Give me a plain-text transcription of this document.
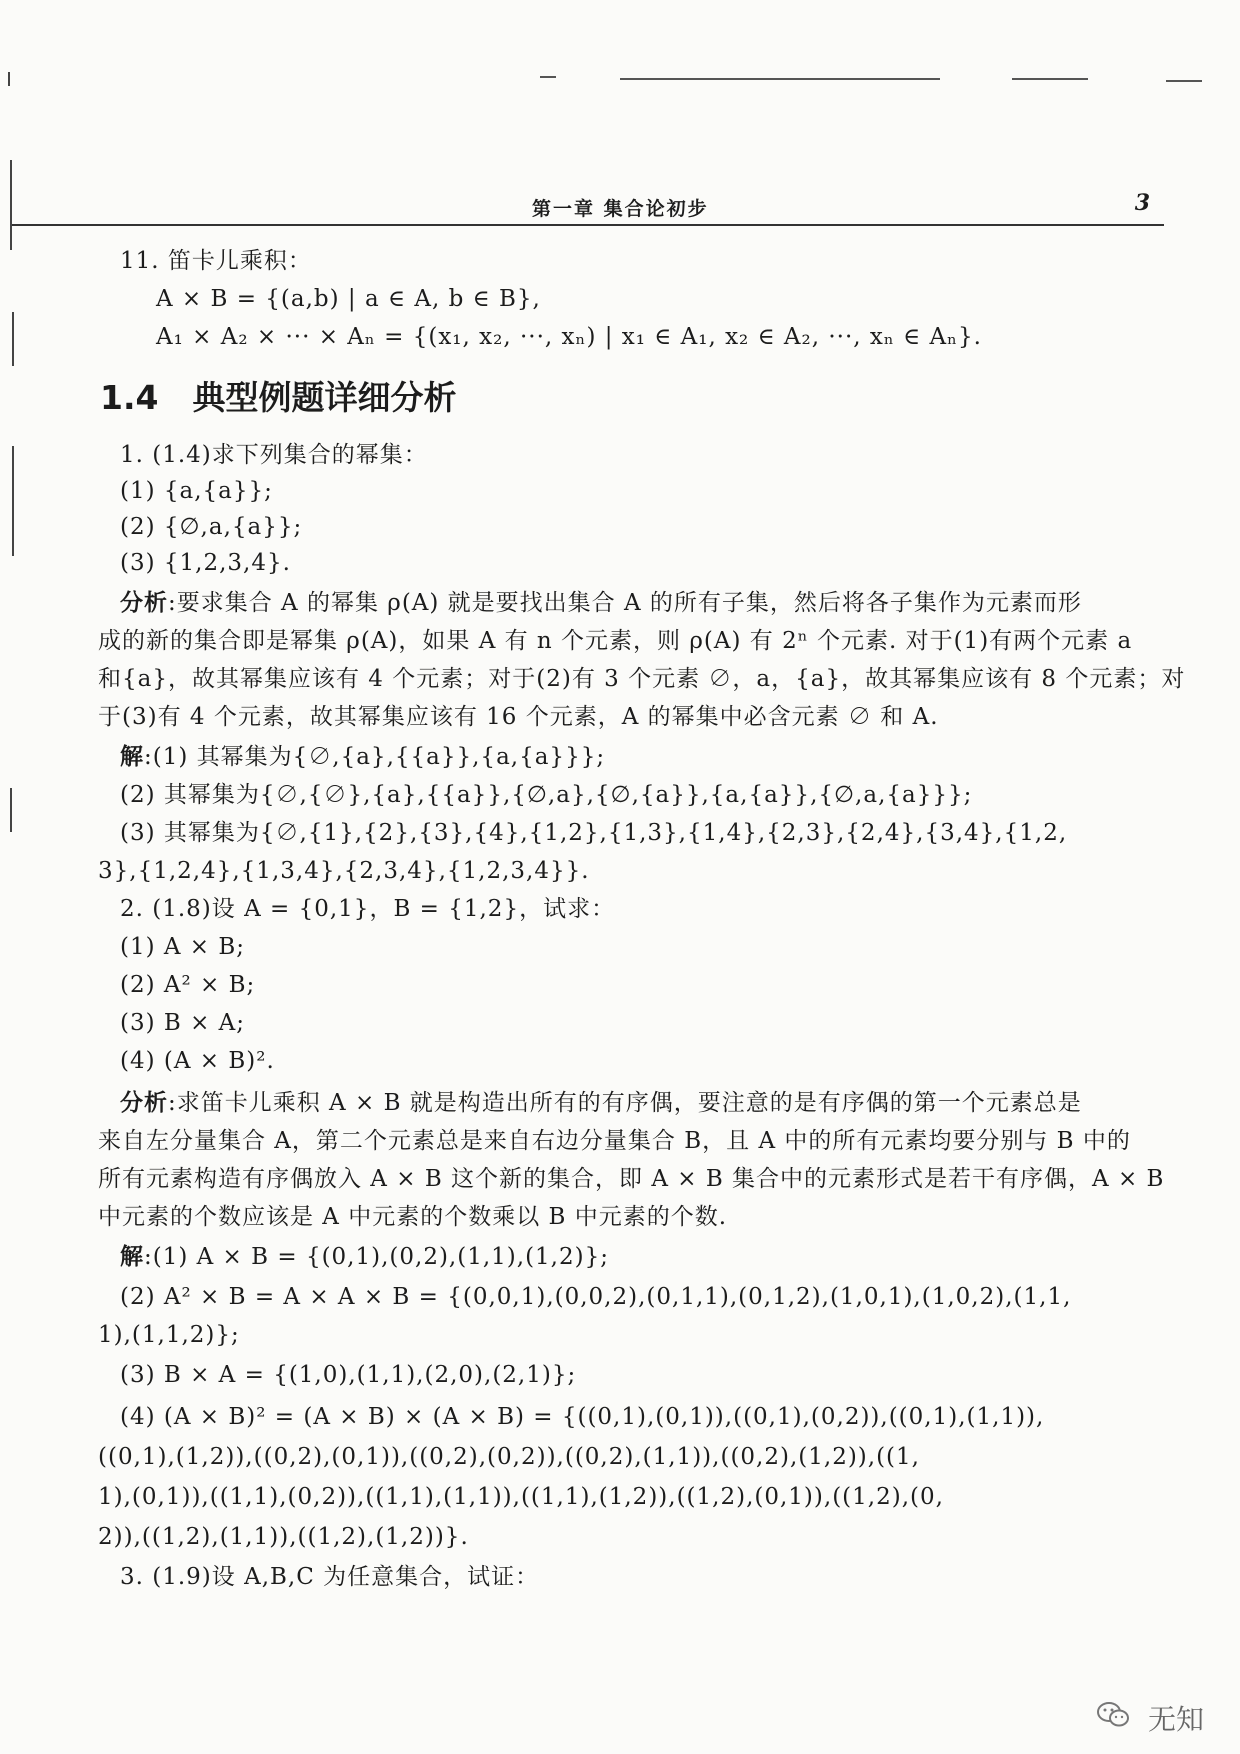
第一章 集合论初步	3
11. 笛卡儿乘积：
A × B = {(a,b) | a ∈ A, b ∈ B},
A₁ × A₂ × ··· × Aₙ = {(x₁, x₂, ···, xₙ) | x₁ ∈ A₁, x₂ ∈ A₂, ···, xₙ ∈ Aₙ}.
1.4 典型例题详细分析
1. (1.4)求下列集合的幂集：
(1) {a,{a}};
(2) {∅,a,{a}};
(3) {1,2,3,4}.
分析:要求集合 A 的幂集 ρ(A) 就是要找出集合 A 的所有子集，然后将各子集作为元素而形
成的新的集合即是幂集 ρ(A)，如果 A 有 n 个元素，则 ρ(A) 有 2ⁿ 个元素. 对于(1)有两个元素 a
和{a}，故其幂集应该有 4 个元素；对于(2)有 3 个元素 ∅，a，{a}，故其幂集应该有 8 个元素；对
于(3)有 4 个元素，故其幂集应该有 16 个元素，A 的幂集中必含元素 ∅ 和 A.
解:(1) 其幂集为{∅,{a},{{a}},{a,{a}}};
(2) 其幂集为{∅,{∅},{a},{{a}},{∅,a},{∅,{a}},{a,{a}},{∅,a,{a}}};
(3) 其幂集为{∅,{1},{2},{3},{4},{1,2},{1,3},{1,4},{2,3},{2,4},{3,4},{1,2,
3},{1,2,4},{1,3,4},{2,3,4},{1,2,3,4}}.
2. (1.8)设 A = {0,1}，B = {1,2}，试求：
(1) A × B;
(2) A² × B;
(3) B × A;
(4) (A × B)².
分析:求笛卡儿乘积 A × B 就是构造出所有的有序偶，要注意的是有序偶的第一个元素总是
来自左分量集合 A，第二个元素总是来自右边分量集合 B，且 A 中的所有元素均要分别与 B 中的
所有元素构造有序偶放入 A × B 这个新的集合，即 A × B 集合中的元素形式是若干有序偶，A × B
中元素的个数应该是 A 中元素的个数乘以 B 中元素的个数.
解:(1) A × B = {(0,1),(0,2),(1,1),(1,2)};
(2) A² × B = A × A × B = {(0,0,1),(0,0,2),(0,1,1),(0,1,2),(1,0,1),(1,0,2),(1,1,
1),(1,1,2)};
(3) B × A = {(1,0),(1,1),(2,0),(2,1)};
(4) (A × B)² = (A × B) × (A × B) = {((0,1),(0,1)),((0,1),(0,2)),((0,1),(1,1)),
((0,1),(1,2)),((0,2),(0,1)),((0,2),(0,2)),((0,2),(1,1)),((0,2),(1,2)),((1,
1),(0,1)),((1,1),(0,2)),((1,1),(1,1)),((1,1),(1,2)),((1,2),(0,1)),((1,2),(0,
2)),((1,2),(1,1)),((1,2),(1,2))}.
3. (1.9)设 A,B,C 为任意集合，试证：
无知
